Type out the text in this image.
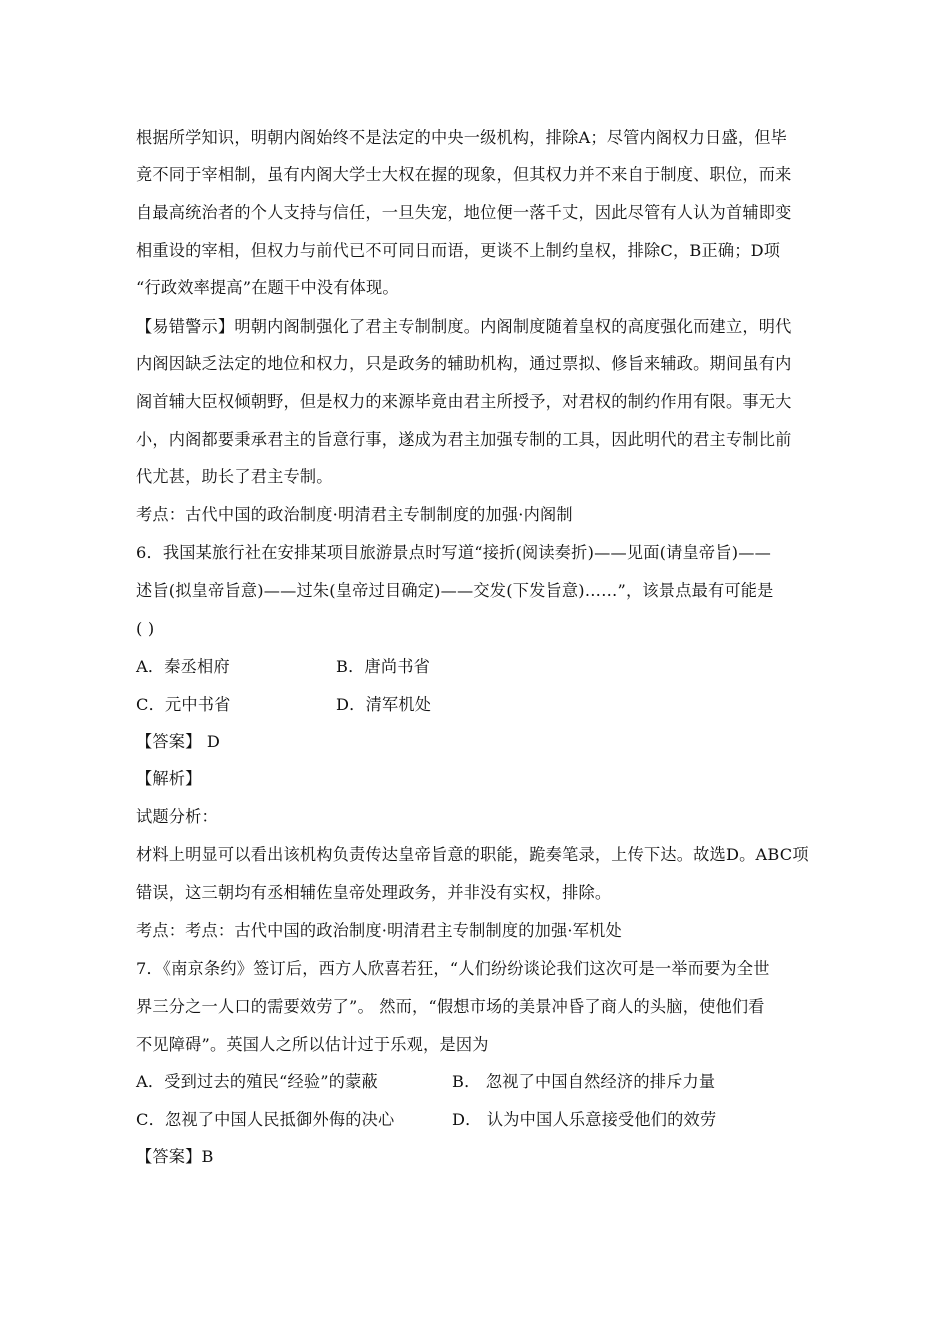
根据所学知识，明朝内阁始终不是法定的中央一级机构，排除A；尽管内阁权力日盛，但毕
竟不同于宰相制，虽有内阁大学士大权在握的现象，但其权力并不来自于制度、职位，而来
自最高统治者的个人支持与信任，一旦失宠，地位便一落千丈，因此尽管有人认为首辅即变
相重设的宰相，但权力与前代已不可同日而语，更谈不上制约皇权，排除C，B正确；D项
“行政效率提高”在题干中没有体现。
【易错警示】明朝内阁制强化了君主专制制度。内阁制度随着皇权的高度强化而建立，明代
内阁因缺乏法定的地位和权力，只是政务的辅助机构，通过票拟、修旨来辅政。期间虽有内
阁首辅大臣权倾朝野，但是权力的来源毕竟由君主所授予，对君权的制约作用有限。事无大
小，内阁都要秉承君主的旨意行事，遂成为君主加强专制的工具，因此明代的君主专制比前
代尤甚，助长了君主专制。
考点：古代中国的政治制度·明清君主专制制度的加强·内阁制
6．我国某旅行社在安排某项目旅游景点时写道“接折(阅读奏折)——见面(请皇帝旨)——
述旨(拟皇帝旨意)——过朱(皇帝过目确定)——交发(下发旨意)……”，该景点最有可能是
( )
A．秦丞相府	B．唐尚书省
C．元中书省	D．清军机处
【答案】 D
【解析】
试题分析：
材料上明显可以看出该机构负责传达皇帝旨意的职能，跪奏笔录，上传下达。故选D。ABC项
错误，这三朝均有丞相辅佐皇帝处理政务，并非没有实权，排除。
考点：考点：古代中国的政治制度·明清君主专制制度的加强·军机处
7．《南京条约》签订后，西方人欣喜若狂，“人们纷纷谈论我们这次可是一举而要为全世
界三分之一人口的需要效劳了”。 然而，“假想市场的美景冲昏了商人的头脑，使他们看
不见障碍”。英国人之所以估计过于乐观，是因为
A．受到过去的殖民“经验”的蒙蔽	B． 忽视了中国自然经济的排斥力量
C．忽视了中国人民抵御外侮的决心	D． 认为中国人乐意接受他们的效劳
【答案】B
